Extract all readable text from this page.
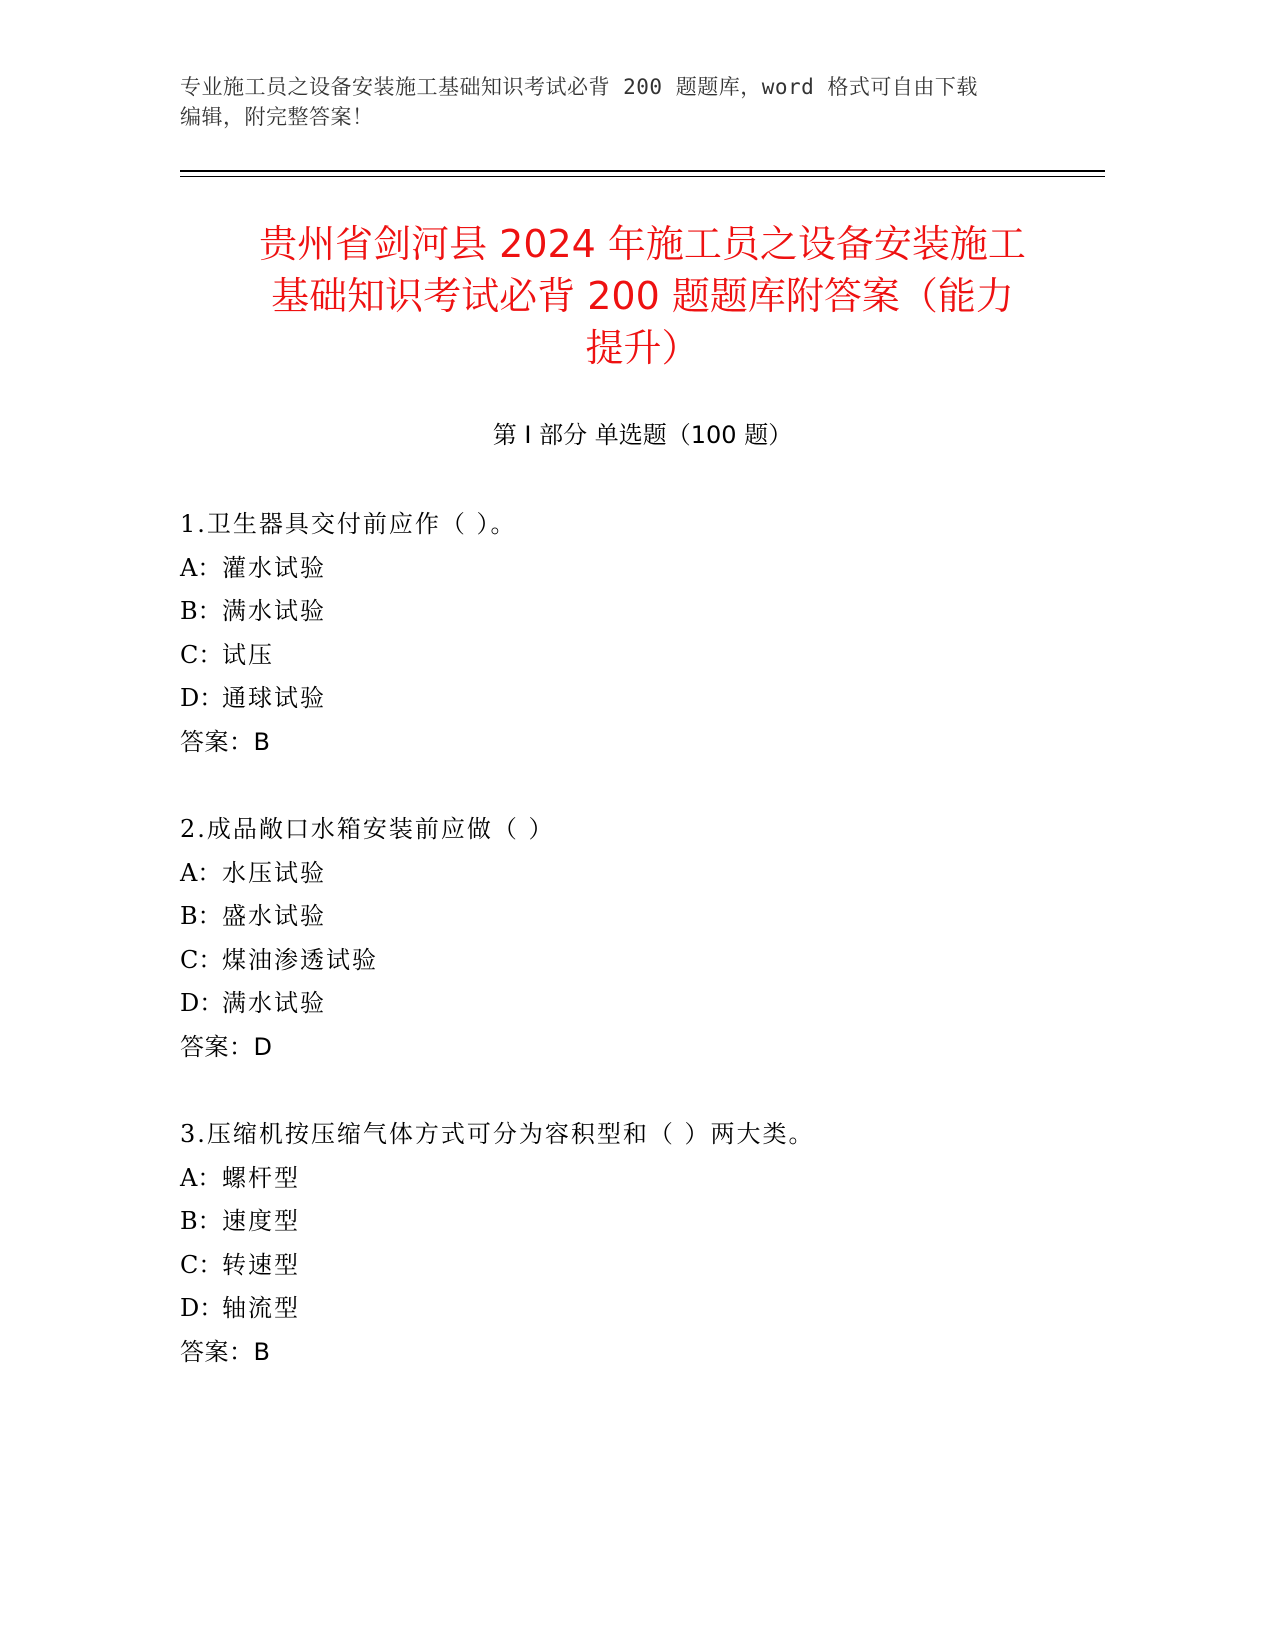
专业施工员之设备安装施工基础知识考试必背 200 题题库，word 格式可自由下载
编辑，附完整答案！
贵州省剑河县 2024 年施工员之设备安装施工
基础知识考试必背 200 题题库附答案（能力
提升）
第 I 部分 单选题（100 题）
1.卫生器具交付前应作（ ）。
A：灌水试验
B：满水试验
C：试压
D：通球试验
答案：B
2.成品敞口水箱安装前应做（ ）
A：水压试验
B：盛水试验
C：煤油渗透试验
D：满水试验
答案：D
3.压缩机按压缩气体方式可分为容积型和（ ）两大类。
A：螺杆型
B：速度型
C：转速型
D：轴流型
答案：B
